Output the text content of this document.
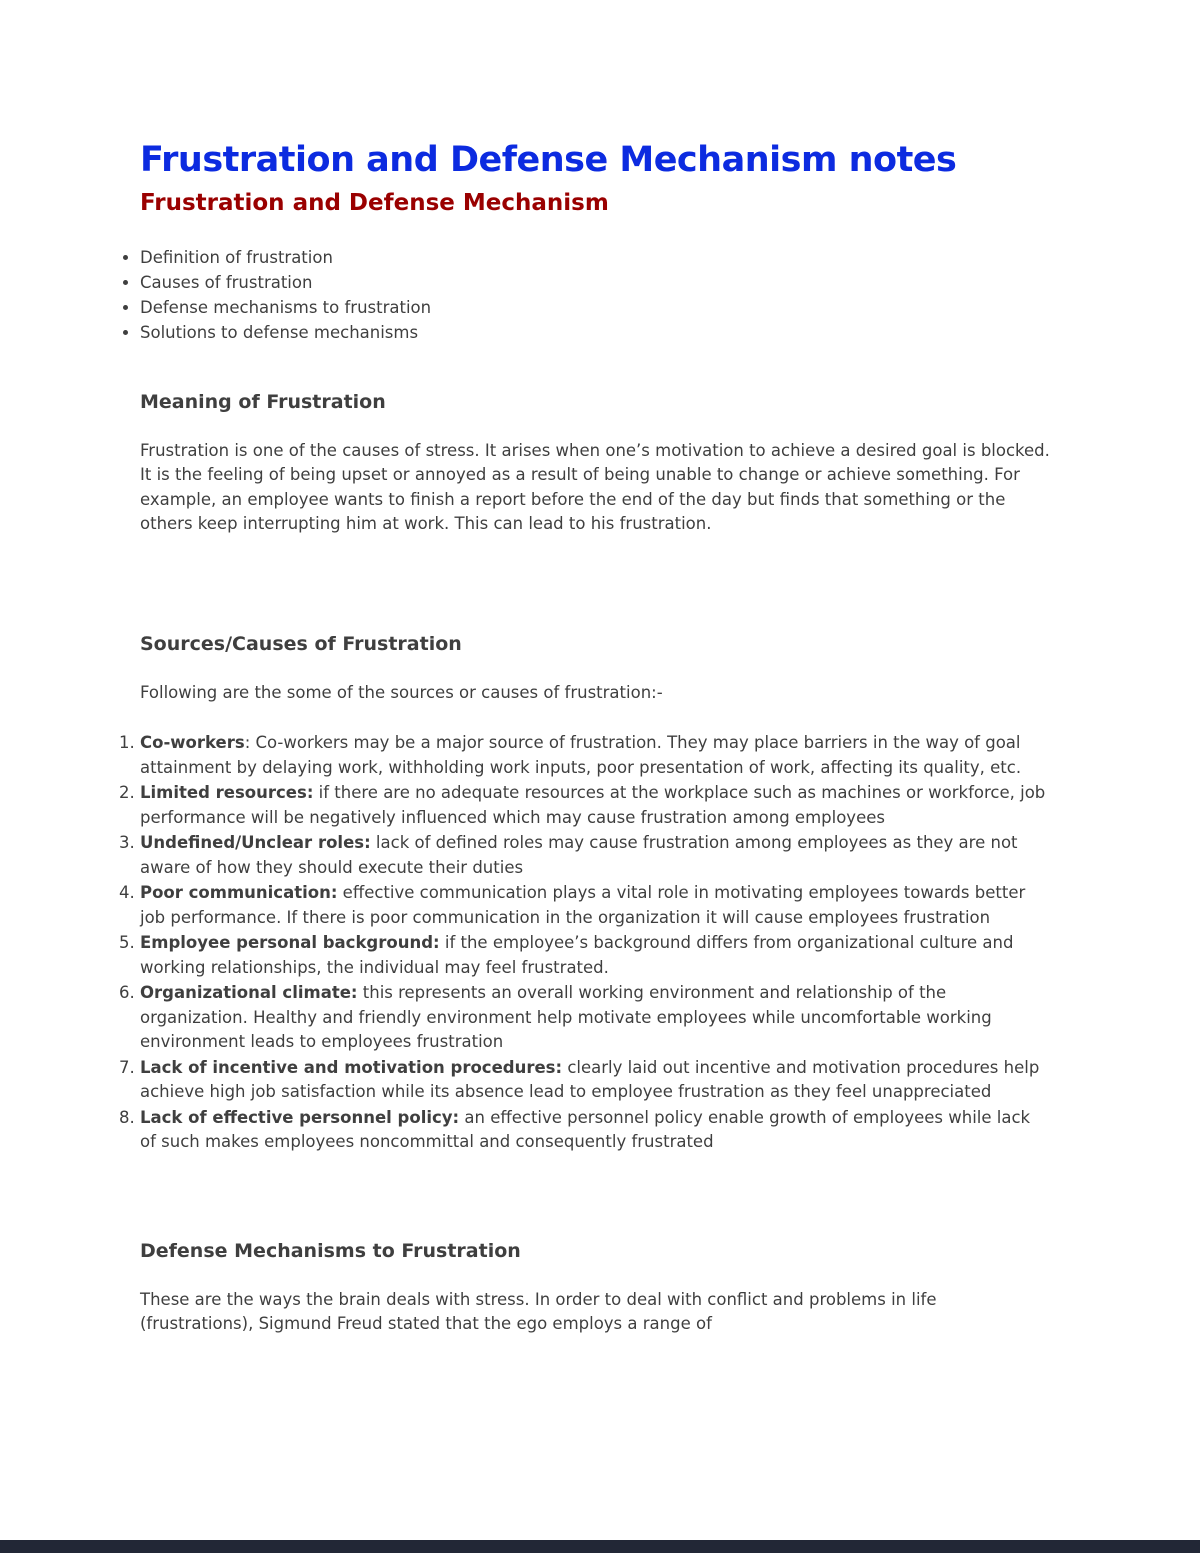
Frustration and Defense Mechanism notes
Frustration and Defense Mechanism
• Definition of frustration
• Causes of frustration
• Defense mechanisms to frustration
• Solutions to defense mechanisms
Meaning of Frustration

Frustration is one of the causes of stress. It arises when one’s motivation to achieve a desired goal is blocked. It is the feeling of being upset or annoyed as a result of being unable to change or achieve something. For example, an employee wants to finish a report before the end of the day but finds that something or the others keep interrupting him at work. This can lead to his frustration.

Sources/Causes of Frustration

Following are the some of the sources or causes of frustration:-

1. Co-workers: Co-workers may be a major source of frustration. They may place barriers in the way of goal attainment by delaying work, withholding work inputs, poor presentation of work, affecting its quality, etc.
2. Limited resources: if there are no adequate resources at the workplace such as machines or workforce, job performance will be negatively influenced which may cause frustration among employees
3. Undefined/Unclear roles: lack of defined roles may cause frustration among employees as they are not aware of how they should execute their duties
4. Poor communication: effective communication plays a vital role in motivating employees towards better job performance. If there is poor communication in the organization it will cause employees frustration
5. Employee personal background: if the employee’s background differs from organizational culture and working relationships, the individual may feel frustrated.
6. Organizational climate: this represents an overall working environment and relationship of the organization. Healthy and friendly environment help motivate employees while uncomfortable working environment leads to employees frustration
7. Lack of incentive and motivation procedures: clearly laid out incentive and motivation procedures help achieve high job satisfaction while its absence lead to employee frustration as they feel unappreciated
8. Lack of effective personnel policy: an effective personnel policy enable growth of employees while lack of such makes employees noncommittal and consequently frustrated
Defense Mechanisms to Frustration

These are the ways the brain deals with stress. In order to deal with conflict and problems in life (frustrations), Sigmund Freud stated that the ego employs a range of
